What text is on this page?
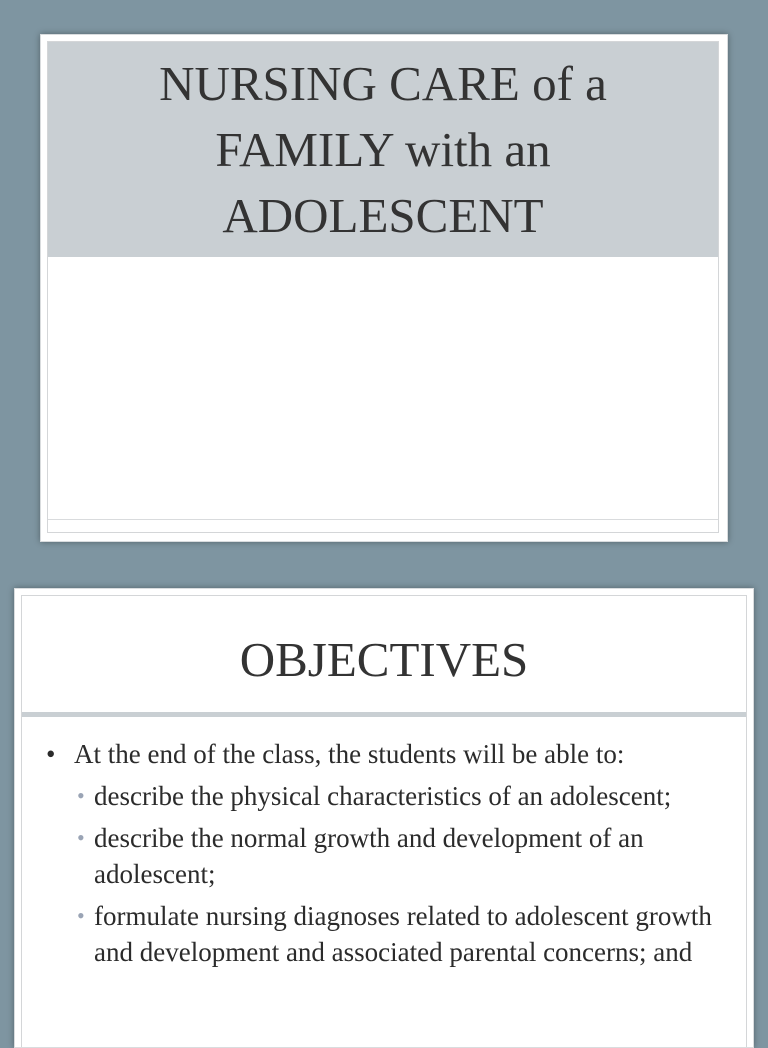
NURSING CARE of a FAMILY with an ADOLESCENT
OBJECTIVES
• At the end of the class, the students will be able to:
• describe the physical characteristics of an adolescent;
• describe the normal growth and development of an adolescent;
• formulate nursing diagnoses related to adolescent growth and development and associated parental concerns; and
